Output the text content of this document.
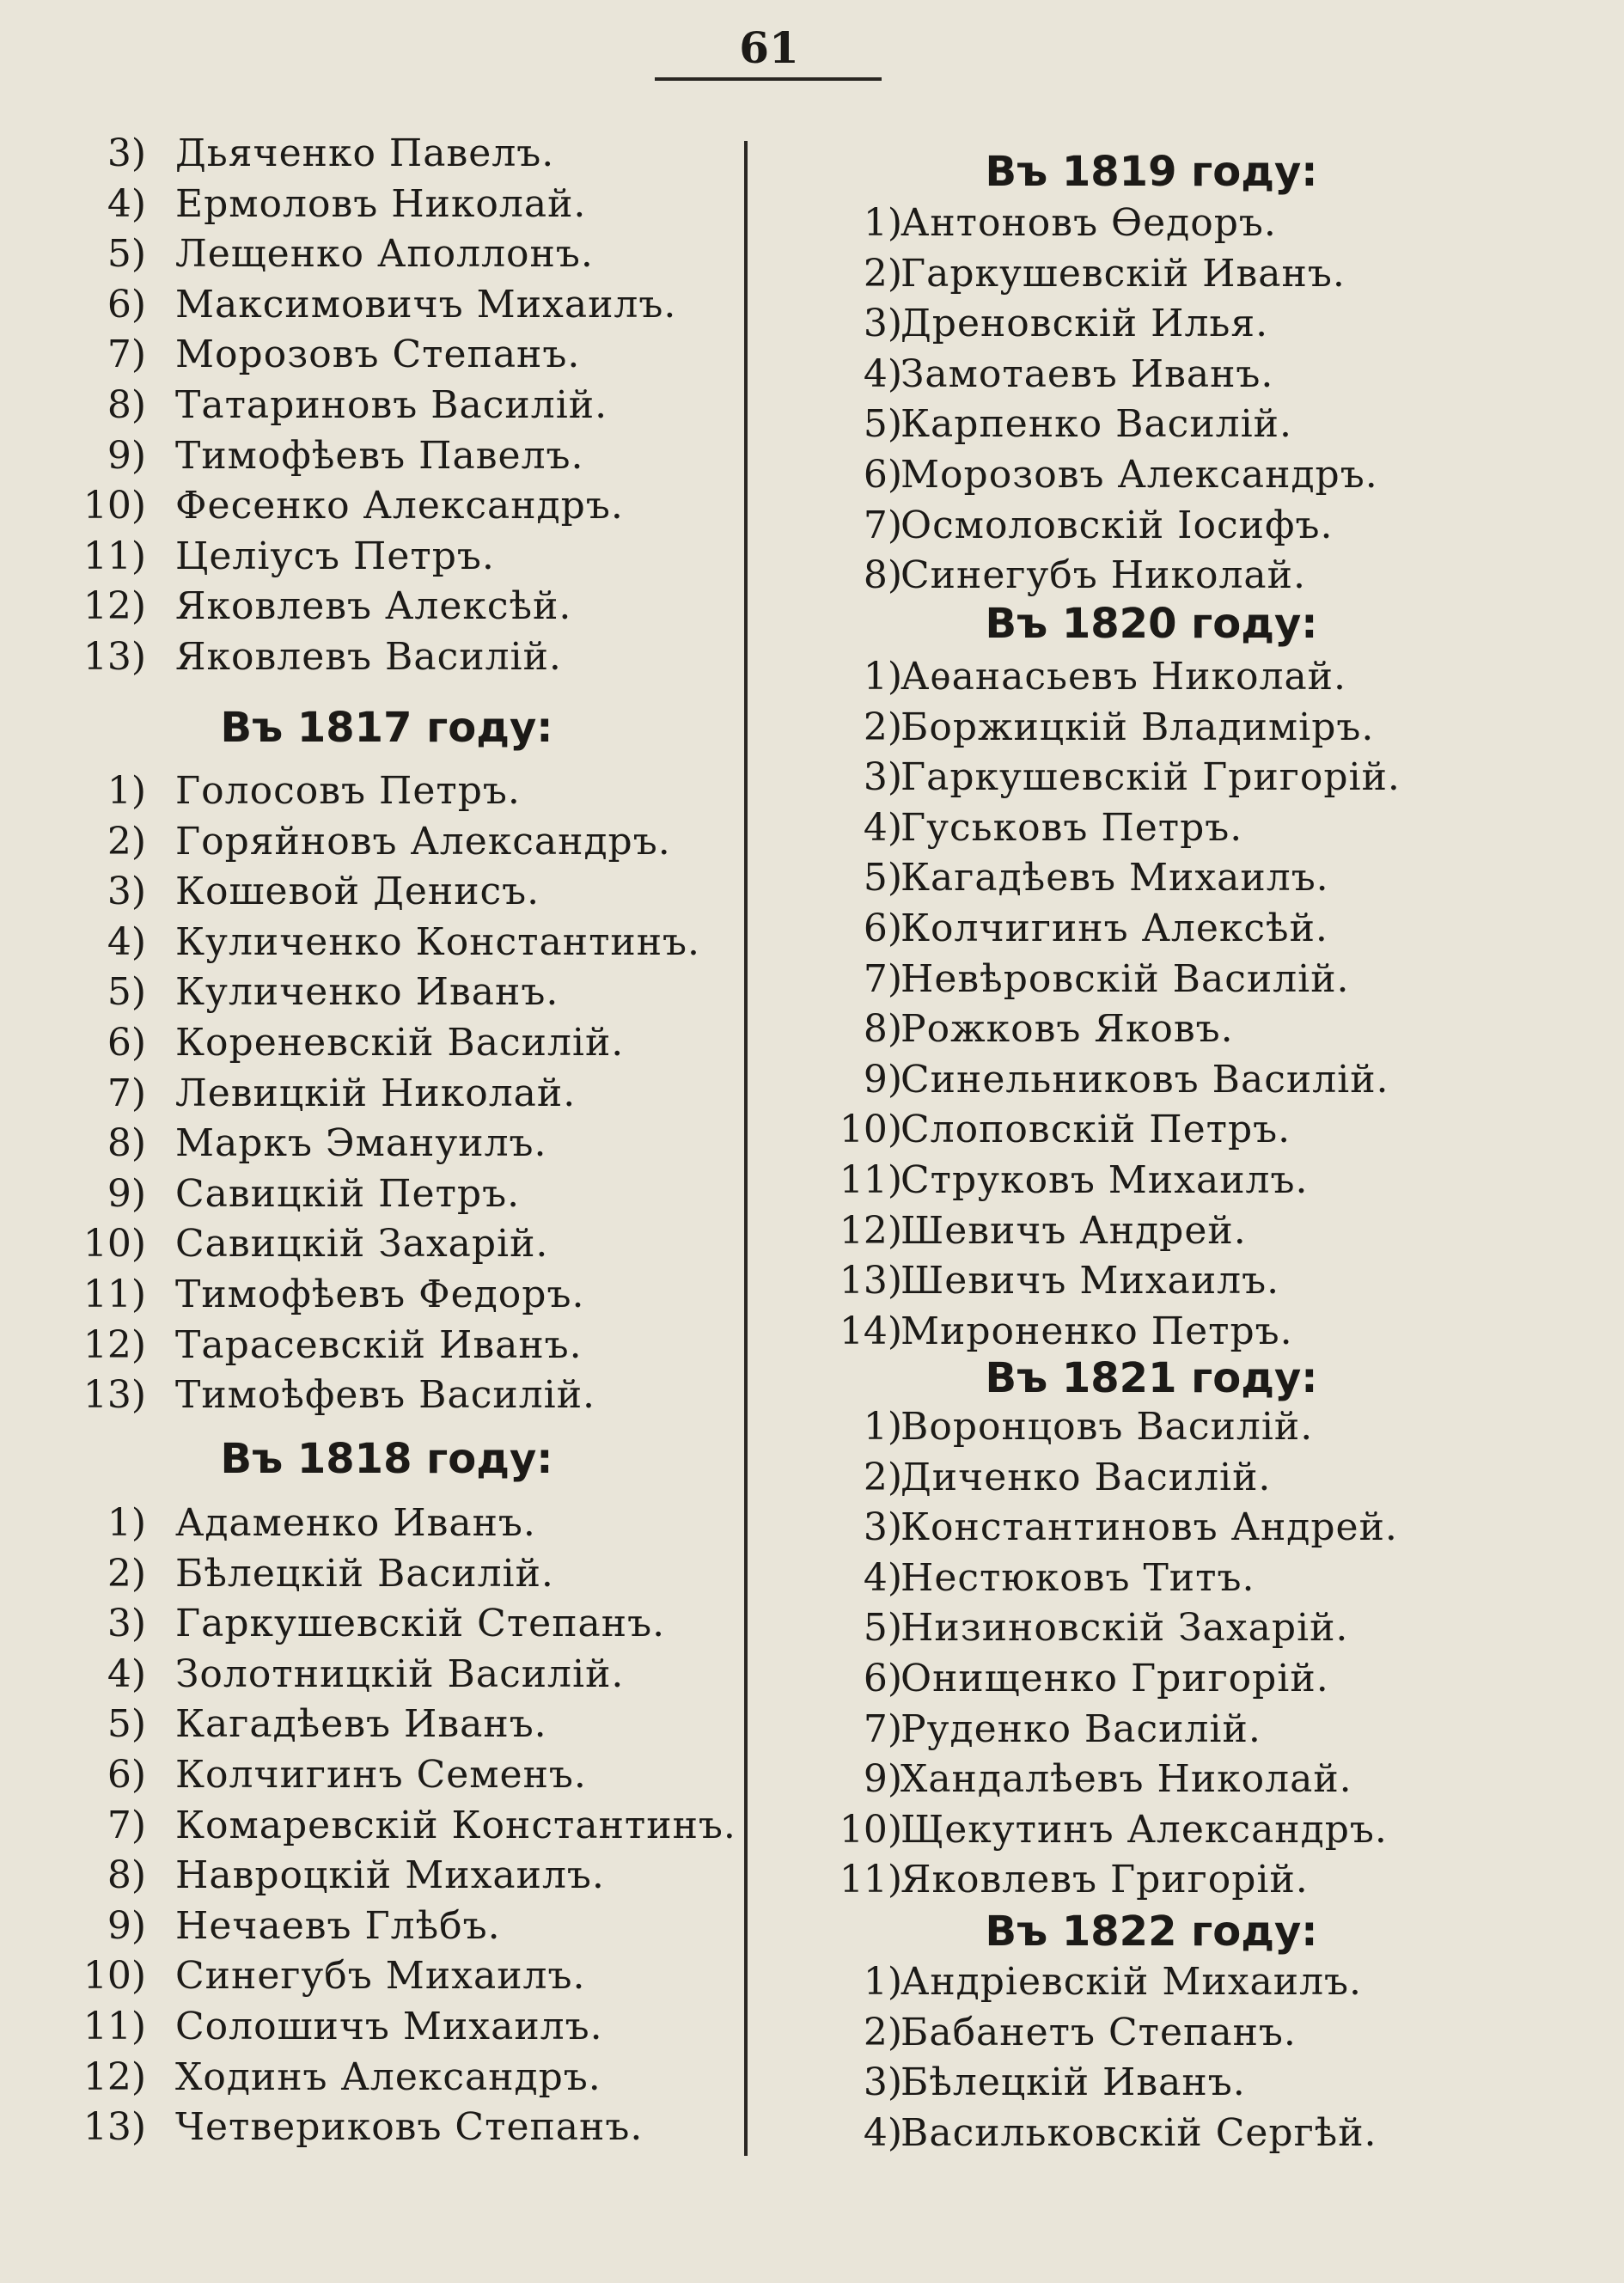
61
3) Дьяченко Павелъ.
4) Ермоловъ Николай.
5) Лещенко Аполлонъ.
6) Максимовичъ Михаилъ.
7) Морозовъ Степанъ.
8) Татариновъ Василій.
9) Тимофѣевъ Павелъ.
10) Фесенко Александръ.
11) Целіусъ Петръ.
12) Яковлевъ Алексѣй.
13) Яковлевъ Василій.
Въ 1817 году:
1) Голосовъ Петръ.
2) Горяйновъ Александръ.
3) Кошевой Денисъ.
4) Куличенко Константинъ.
5) Куличенко Иванъ.
6) Кореневскій Василій.
7) Левицкій Николай.
8) Маркъ Эмануилъ.
9) Савицкій Петръ.
10) Савицкій Захарій.
11) Тимофѣевъ Федоръ.
12) Тарасевскій Иванъ.
13) Тимоѣфевъ Василій.
Въ 1818 году:
1) Адаменко Иванъ.
2) Бѣлецкій Василій.
3) Гаркушевскій Степанъ.
4) Золотницкій Василій.
5) Кагадѣевъ Иванъ.
6) Колчигинъ Семенъ.
7) Комаревскій Константинъ.
8) Навроцкій Михаилъ.
9) Нечаевъ Глѣбъ.
10) Синегубъ Михаилъ.
11) Солошичъ Михаилъ.
12) Ходинъ Александръ.
13) Четвериковъ Степанъ.
Въ 1819 году:
1)
Антоновъ Өедоръ.
2)
Гаркушевскій Иванъ.
3)
Дреновскій Илья.
4)
Замотаевъ Иванъ.
5)
Карпенко Василій.
6)
Морозовъ Александръ.
7)
Осмоловскій Іосифъ.
8)
Синегубъ Николай.
Въ 1820 году:
1)
Аѳанасьевъ Николай.
2)
Боржицкій Владиміръ.
3)
Гаркушевскій Григорій.
4)
Гуськовъ Петръ.
5)
Кагадѣевъ Михаилъ.
6)
Колчигинъ Алексѣй.
7)
Невѣровскій Василій.
8)
Рожковъ Яковъ.
9)
Синельниковъ Василій.
10)
Слоповскій Петръ.
11)
Струковъ Михаилъ.
12)
Шевичъ Андрей.
13)
Шевичъ Михаилъ.
14)
Мироненко Петръ.
Въ 1821 году:
1)
Воронцовъ Василій.
2)
Диченко Василій.
3)
Константиновъ Андрей.
4)
Нестюковъ Титъ.
5)
Низиновскій Захарій.
6)
Онищенко Григорій.
7)
Руденко Василій.
9)
Хандалѣевъ Николай.
10)
Щекутинъ Александръ.
11)
Яковлевъ Григорій.
Въ 1822 году:
1)
Андріевскій Михаилъ.
2)
Бабанетъ Степанъ.
3)
Бѣлецкій Иванъ.
4)
Васильковскій Сергѣй.
